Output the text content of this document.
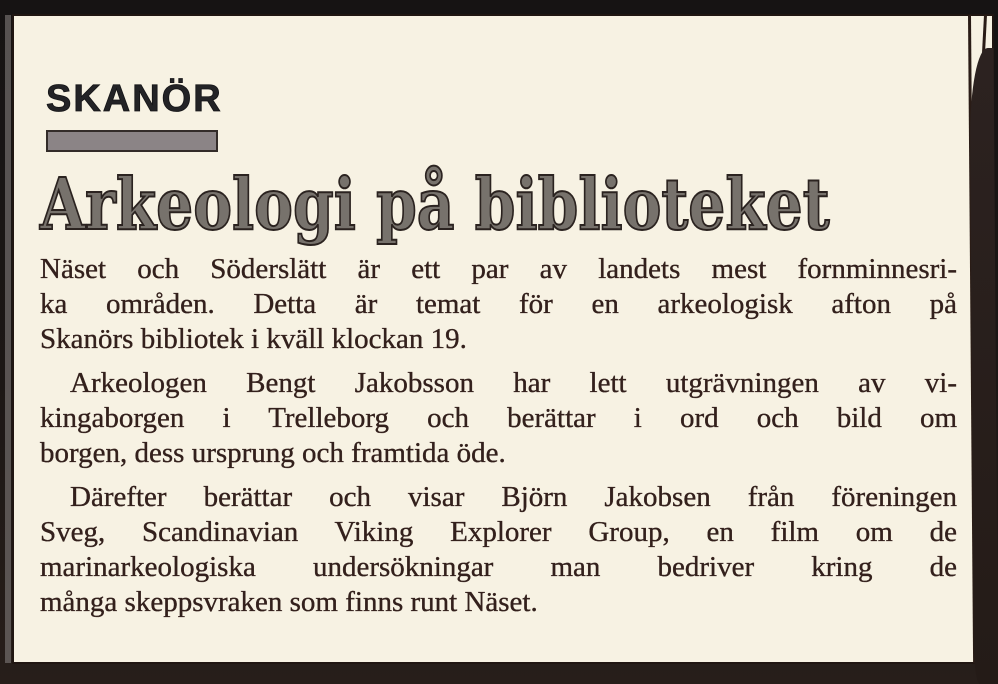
SKANÖR
Arkeologi på biblioteket
Näset och Söderslätt är ett par av landets mest fornminnesri-
ka områden. Detta är temat för en arkeologisk afton på
Skanörs bibliotek i kväll klockan 19.
Arkeologen Bengt Jakobsson har lett utgrävningen av vi-
kingaborgen i Trelleborg och berättar i ord och bild om
borgen, dess ursprung och framtida öde.
Därefter berättar och visar Björn Jakobsen från föreningen
Sveg, Scandinavian Viking Explorer Group, en film om de
marinarkeologiska undersökningar man bedriver kring de
många skeppsvraken som finns runt Näset.
